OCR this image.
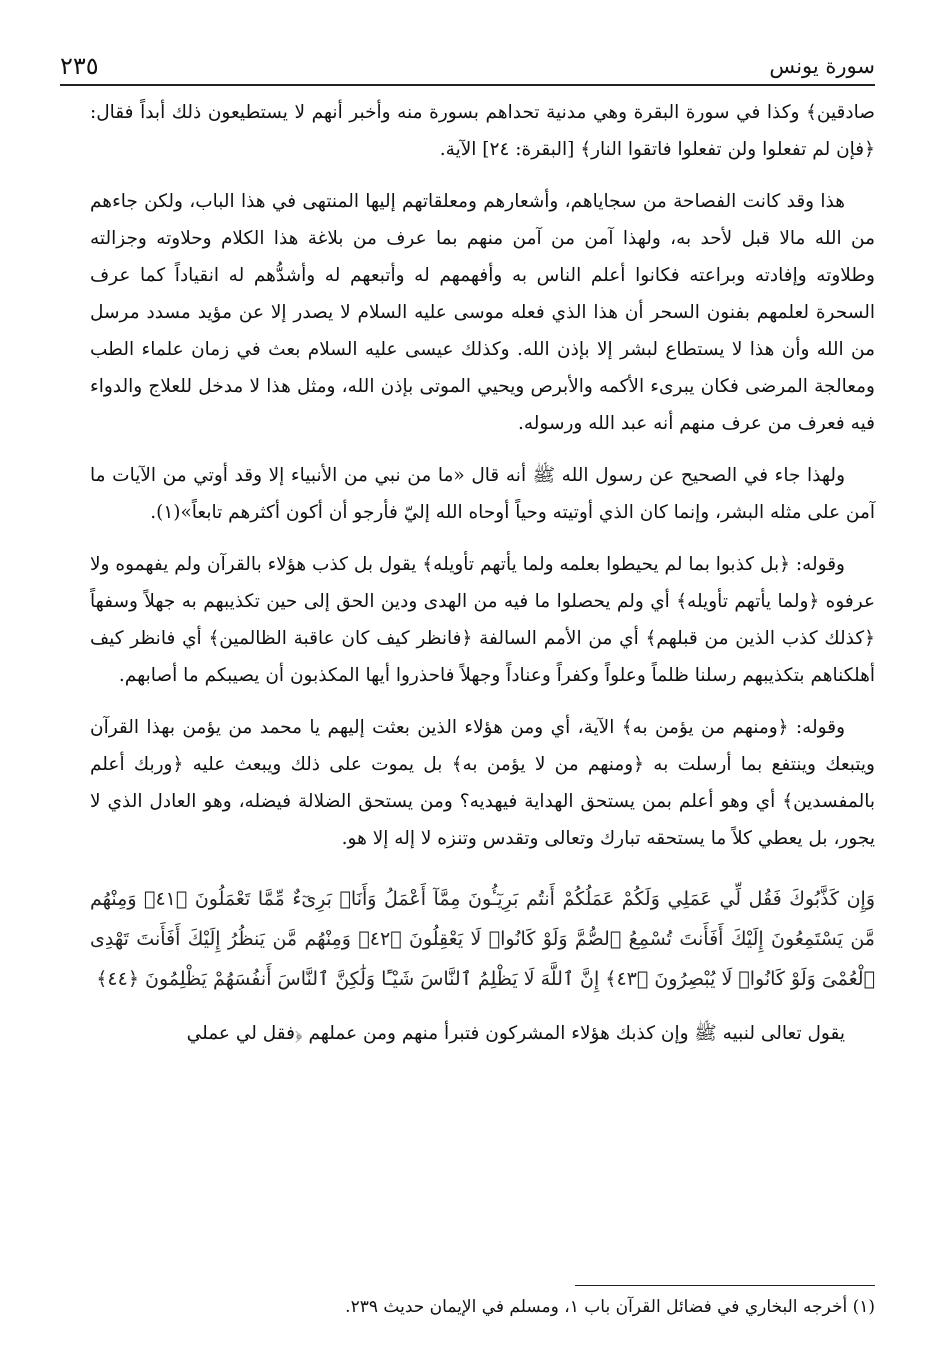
سورة يونس
٢٣٥

صادقين﴾ وكذا في سورة البقرة وهي مدنية تحداهم بسورة منه وأخبر أنهم لا يستطيعون ذلك أبداً فقال: ﴿فإن لم تفعلوا ولن تفعلوا فاتقوا النار﴾ [البقرة: ٢٤] الآية.

هذا وقد كانت الفصاحة من سجاياهم، وأشعارهم ومعلقاتهم إليها المنتهى في هذا الباب، ولكن جاءهم من الله مالا قبل لأحد به، ولهذا آمن من آمن منهم بما عرف من بلاغة هذا الكلام وحلاوته وجزالته وطلاوته وإفادته وبراعته فكانوا أعلم الناس به وأفهمهم له وأتبعهم له وأشدُّهم له انقياداً كما عرف السحرة لعلمهم بفنون السحر أن هذا الذي فعله موسى عليه السلام لا يصدر إلا عن مؤيد مسدد مرسل من الله وأن هذا لا يستطاع لبشر إلا بإذن الله. وكذلك عيسى عليه السلام بعث في زمان علماء الطب ومعالجة المرضى فكان يبرىء الأكمه والأبرص ويحيي الموتى بإذن الله، ومثل هذا لا مدخل للعلاج والدواء فيه فعرف من عرف منهم أنه عبد الله ورسوله.

ولهذا جاء في الصحيح عن رسول الله ﷺ أنه قال «ما من نبي من الأنبياء إلا وقد أوتي من الآيات ما آمن على مثله البشر، وإنما كان الذي أوتيته وحياً أوحاه الله إليّ فأرجو أن أكون أكثرهم تابعاً»(١).

وقوله: ﴿بل كذبوا بما لم يحيطوا بعلمه ولما يأتهم تأويله﴾ يقول بل كذب هؤلاء بالقرآن ولم يفهموه ولا عرفوه ﴿ولما يأتهم تأويله﴾ أي ولم يحصلوا ما فيه من الهدى ودين الحق إلى حين تكذيبهم به جهلاً وسفهاً ﴿كذلك كذب الذين من قبلهم﴾ أي من الأمم السالفة ﴿فانظر كيف كان عاقبة الظالمين﴾ أي فانظر كيف أهلكناهم بتكذيبهم رسلنا ظلماً وعلواً وكفراً وعناداً وجهلاً فاحذروا أيها المكذبون أن يصيبكم ما أصابهم.

وقوله: ﴿ومنهم من يؤمن به﴾ الآية، أي ومن هؤلاء الذين بعثت إليهم يا محمد من يؤمن بهذا القرآن ويتبعك وينتفع بما أرسلت به ﴿ومنهم من لا يؤمن به﴾ بل يموت على ذلك ويبعث عليه ﴿وربك أعلم بالمفسدين﴾ أي وهو أعلم بمن يستحق الهداية فيهديه؟ ومن يستحق الضلالة فيضله، وهو العادل الذي لا يجور، بل يعطي كلاً ما يستحقه تبارك وتعالى وتقدس وتنزه لا إله إلا هو.

وَإِن كَذَّبُوكَ فَقُل لِّي عَمَلِي وَلَكُمْ عَمَلُكُمْ أَنتُم بَرِيٓـُٔونَ مِمَّآ أَعْمَلُ وَأَنَا۠ بَرِىٓءٌ مِّمَّا تَعْمَلُونَ ﴿٤١﴾ وَمِنْهُم مَّن يَسْتَمِعُونَ إِلَيْكَ أَفَأَنتَ تُسْمِعُ ٱلصُّمَّ وَلَوْ كَانُوا۟ لَا يَعْقِلُونَ ﴿٤٢﴾ وَمِنْهُم مَّن يَنظُرُ إِلَيْكَ أَفَأَنتَ تَهْدِى ٱلْعُمْىَ وَلَوْ كَانُوا۟ لَا يُبْصِرُونَ ﴿٤٣﴾ إِنَّ ٱللَّهَ لَا يَظْلِمُ ٱلنَّاسَ شَيْـًٔا وَلَٰكِنَّ ٱلنَّاسَ أَنفُسَهُمْ يَظْلِمُونَ ﴿٤٤﴾

يقول تعالى لنبيه ﷺ وإن كذبك هؤلاء المشركون فتبرأ منهم ومن عملهم ﴿فقل لي عملي

(١) أخرجه البخاري في فضائل القرآن باب ١، ومسلم في الإيمان حديث ٢٣٩.
